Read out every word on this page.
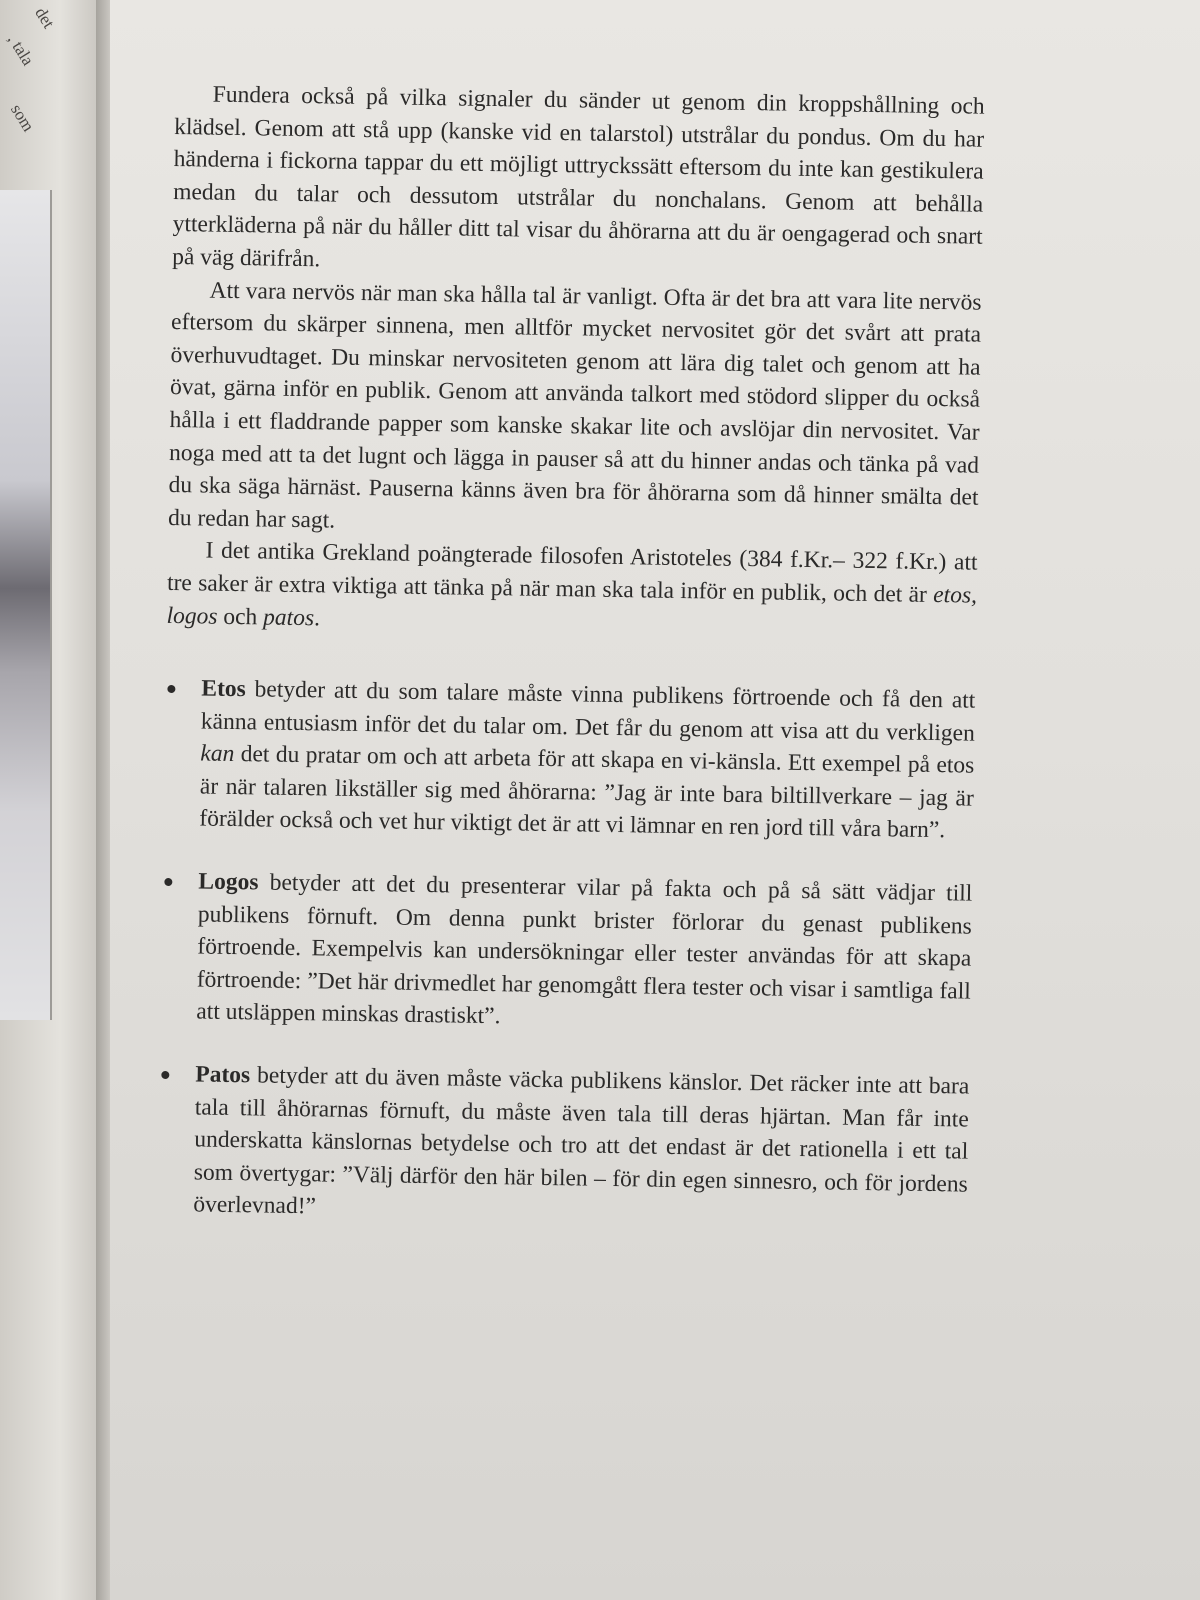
det
, tala
som	Fundera också på vilka signaler du sänder ut genom din kroppshållning och klädsel. Genom att stå upp (kanske vid en talarstol) utstrålar du pondus. Om du har händerna i fickorna tappar du ett möjligt uttryckssätt eftersom du inte kan gestikulera medan du talar och dessutom utstrålar du nonchalans. Genom att behålla ytterkläderna på när du håller ditt tal visar du åhörarna att du är oengagerad och snart på väg därifrån.

Att vara nervös när man ska hålla tal är vanligt. Ofta är det bra att vara lite nervös eftersom du skärper sinnena, men alltför mycket nervositet gör det svårt att prata överhuvudtaget. Du minskar nervositeten genom att lära dig talet och genom att ha övat, gärna inför en publik. Genom att använda talkort med stödord slipper du också hålla i ett fladdrande papper som kanske skakar lite och avslöjar din nervositet. Var noga med att ta det lugnt och lägga in pauser så att du hinner andas och tänka på vad du ska säga härnäst. Pauserna känns även bra för åhörarna som då hinner smälta det du redan har sagt.

I det antika Grekland poängterade filosofen Aristoteles (384 f.Kr.– 322 f.Kr.) att tre saker är extra viktiga att tänka på när man ska tala inför en publik, och det är etos, logos och patos.

Etos betyder att du som talare måste vinna publikens förtroende och få den att känna entusiasm inför det du talar om. Det får du genom att visa att du verkligen kan det du pratar om och att arbeta för att skapa en vi-känsla. Ett exempel på etos är när talaren likställer sig med åhörarna: ”Jag är inte bara biltillverkare – jag är förälder också och vet hur viktigt det är att vi lämnar en ren jord till våra barn”.
Logos betyder att det du presenterar vilar på fakta och på så sätt vädjar till publikens förnuft. Om denna punkt brister förlorar du genast publikens förtroende. Exempelvis kan undersökningar eller tester användas för att skapa förtroende: ”Det här drivmedlet har genomgått flera tester och visar i samtliga fall att utsläppen minskas drastiskt”.
Patos betyder att du även måste väcka publikens känslor. Det räcker inte att bara tala till åhörarnas förnuft, du måste även tala till deras hjärtan. Man får inte underskatta känslornas betydelse och tro att det endast är det rationella i ett tal som övertygar: ”Välj därför den här bilen – för din egen sinnesro, och för jordens överlevnad!”
